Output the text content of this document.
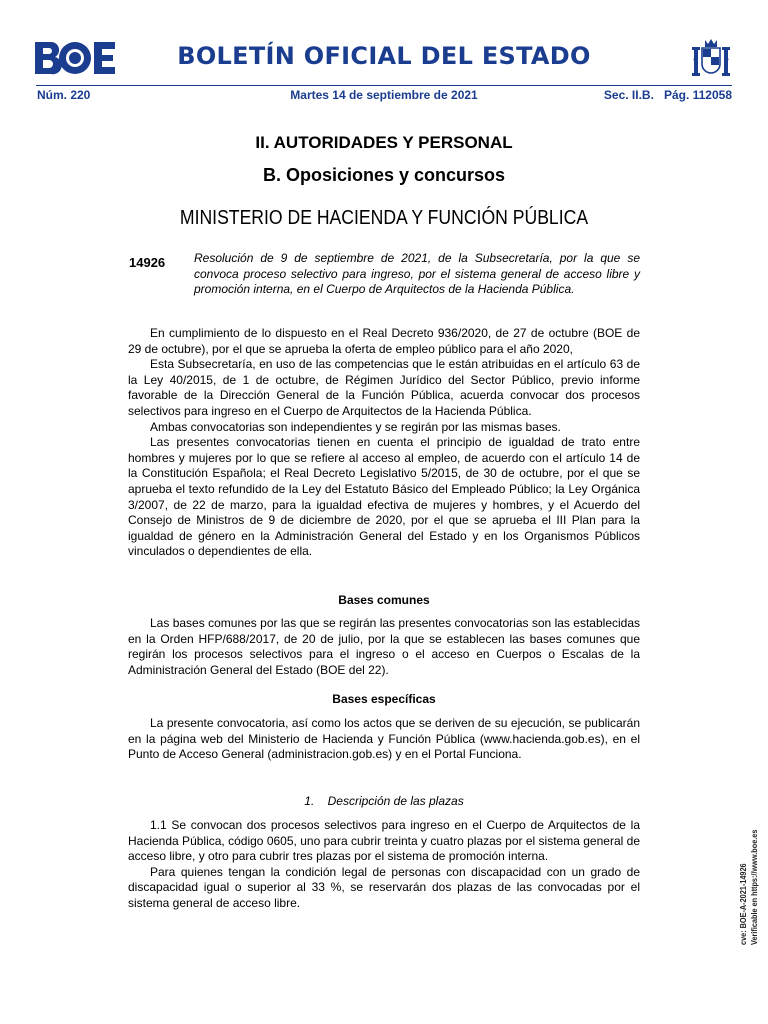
BOLETÍN OFICIAL DEL ESTADO
Núm. 220	Martes 14 de septiembre de 2021	Sec. II.B. Pág. 112058
II. AUTORIDADES Y PERSONAL
B. Oposiciones y concursos
MINISTERIO DE HACIENDA Y FUNCIÓN PÚBLICA
14926 Resolución de 9 de septiembre de 2021, de la Subsecretaría, por la que se convoca proceso selectivo para ingreso, por el sistema general de acceso libre y promoción interna, en el Cuerpo de Arquitectos de la Hacienda Pública.

En cumplimiento de lo dispuesto en el Real Decreto 936/2020, de 27 de octubre (BOE de 29 de octubre), por el que se aprueba la oferta de empleo público para el año 2020,

Esta Subsecretaría, en uso de las competencias que le están atribuidas en el artículo 63 de la Ley 40/2015, de 1 de octubre, de Régimen Jurídico del Sector Público, previo informe favorable de la Dirección General de la Función Pública, acuerda convocar dos procesos selectivos para ingreso en el Cuerpo de Arquitectos de la Hacienda Pública.

Ambas convocatorias son independientes y se regirán por las mismas bases.

Las presentes convocatorias tienen en cuenta el principio de igualdad de trato entre hombres y mujeres por lo que se refiere al acceso al empleo, de acuerdo con el artículo 14 de la Constitución Española; el Real Decreto Legislativo 5/2015, de 30 de octubre, por el que se aprueba el texto refundido de la Ley del Estatuto Básico del Empleado Público; la Ley Orgánica 3/2007, de 22 de marzo, para la igualdad efectiva de mujeres y hombres, y el Acuerdo del Consejo de Ministros de 9 de diciembre de 2020, por el que se aprueba el III Plan para la igualdad de género en la Administración General del Estado y en los Organismos Públicos vinculados o dependientes de ella.

Bases comunes

Las bases comunes por las que se regirán las presentes convocatorias son las establecidas en la Orden HFP/688/2017, de 20 de julio, por la que se establecen las bases comunes que regirán los procesos selectivos para el ingreso o el acceso en Cuerpos o Escalas de la Administración General del Estado (BOE del 22).

Bases específicas

La presente convocatoria, así como los actos que se deriven de su ejecución, se publicarán en la página web del Ministerio de Hacienda y Función Pública (www.hacienda.gob.es), en el Punto de Acceso General (administracion.gob.es) y en el Portal Funciona.

1.    Descripción de las plazas

1.1 Se convocan dos procesos selectivos para ingreso en el Cuerpo de Arquitectos de la Hacienda Pública, código 0605, uno para cubrir treinta y cuatro plazas por el sistema general de acceso libre, y otro para cubrir tres plazas por el sistema de promoción interna.

Para quienes tengan la condición legal de personas con discapacidad con un grado de discapacidad igual o superior al 33 %, se reservarán dos plazas de las convocadas por el sistema general de acceso libre.	cve: BOE-A-2021-14926 Verificable en https://www.boe.es
